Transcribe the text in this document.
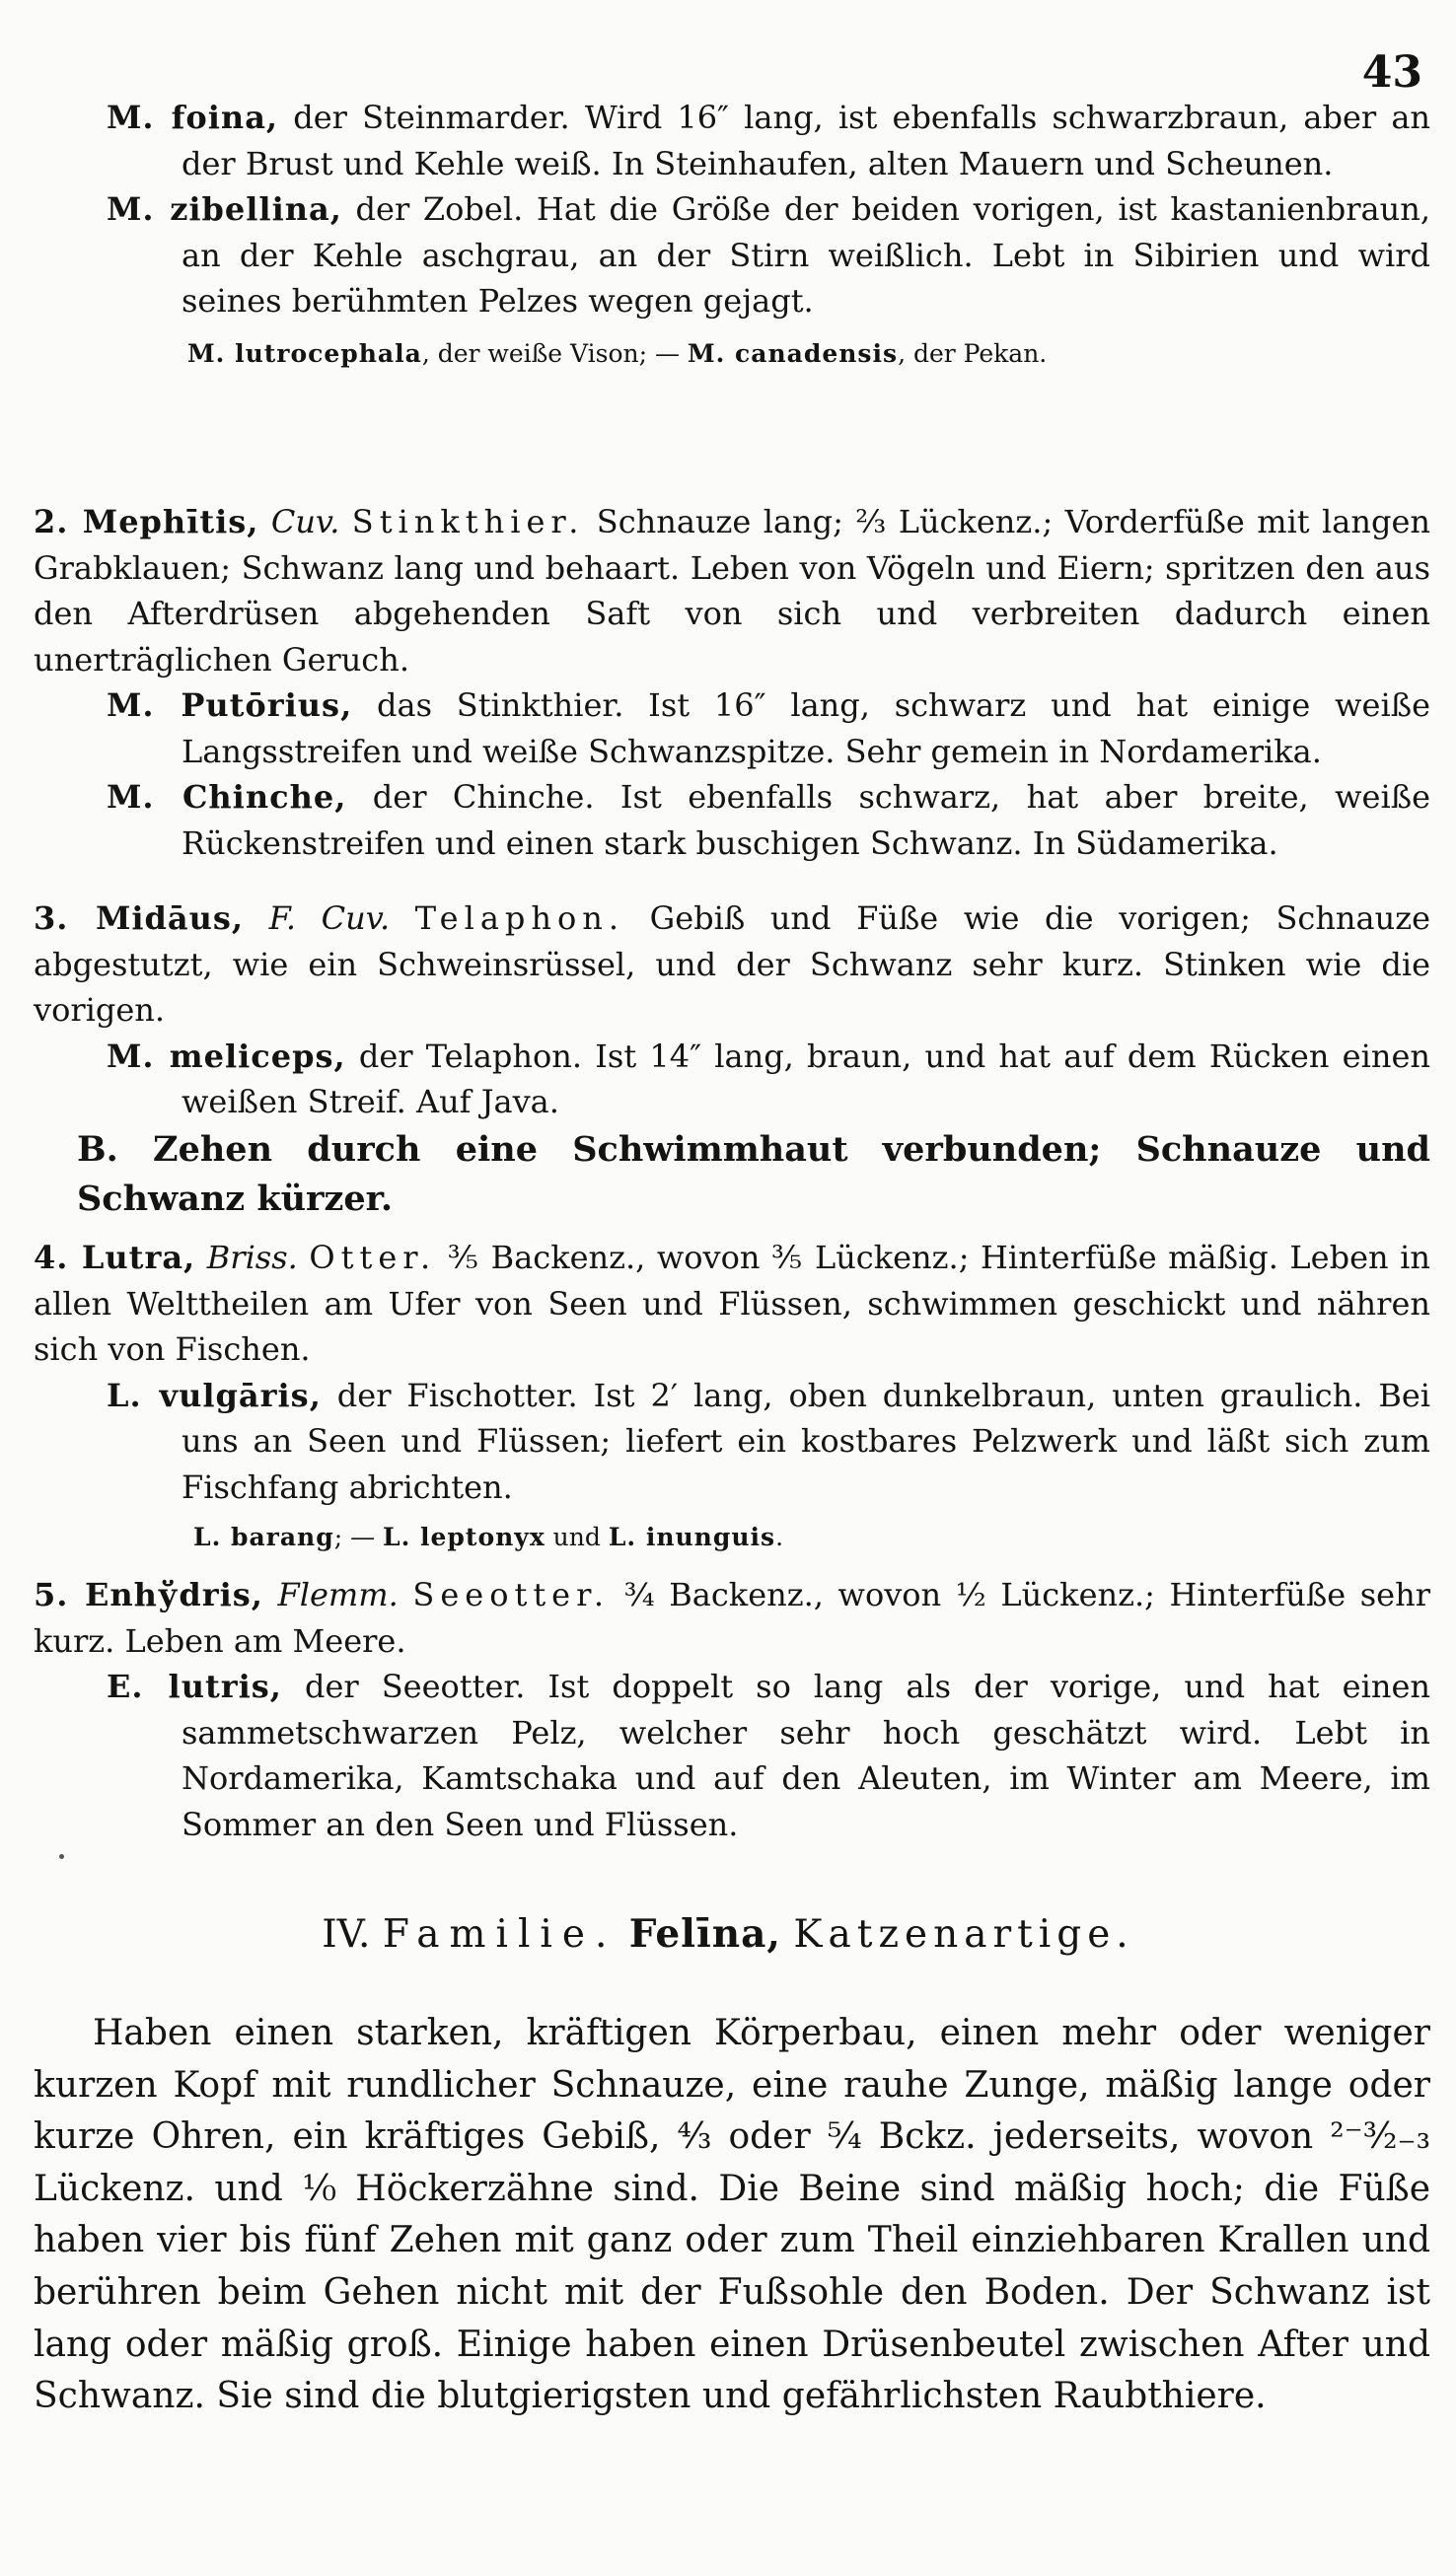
43
M. foina, der Steinmarder. Wird 16″ lang, ist ebenfalls schwarzbraun, aber an der Brust und Kehle weiß. In Steinhaufen, alten Mauern und Scheunen.
M. zibellina, der Zobel. Hat die Größe der beiden vorigen, ist kastanienbraun, an der Kehle aschgrau, an der Stirn weißlich. Lebt in Sibirien und wird seines berühmten Pelzes wegen gejagt.
M. lutrocephala, der weiße Vison; — M. canadensis, der Pekan.
2. Mephītis, Cuv. Stinkthier. Schnauze lang; ⅔ Lückenz.; Vorderfüße mit langen Grabklauen; Schwanz lang und behaart. Leben von Vögeln und Eiern; spritzen den aus den Afterdrüsen abgehenden Saft von sich und verbreiten dadurch einen unerträglichen Geruch.
M. Putōrius, das Stinkthier. Ist 16″ lang, schwarz und hat einige weiße Langsstreifen und weiße Schwanzspitze. Sehr gemein in Nordamerika.
M. Chinche, der Chinche. Ist ebenfalls schwarz, hat aber breite, weiße Rückenstreifen und einen stark buschigen Schwanz. In Südamerika.
3. Midāus, F. Cuv. Telaphon. Gebiß und Füße wie die vorigen; Schnauze abgestutzt, wie ein Schweinsrüssel, und der Schwanz sehr kurz. Stinken wie die vorigen.
M. meliceps, der Telaphon. Ist 14″ lang, braun, und hat auf dem Rücken einen weißen Streif. Auf Java.
B. Zehen durch eine Schwimmhaut verbunden; Schnauze und Schwanz kürzer.
4. Lutra, Briss. Otter. ⅗ Backenz., wovon ⅗ Lückenz.; Hinterfüße mäßig. Leben in allen Welttheilen am Ufer von Seen und Flüssen, schwimmen geschickt und nähren sich von Fischen.
L. vulgāris, der Fischotter. Ist 2′ lang, oben dunkelbraun, unten graulich. Bei uns an Seen und Flüssen; liefert ein kostbares Pelzwerk und läßt sich zum Fischfang abrichten.
L. barang; — L. leptonyx und L. inunguis.
5. Enhўdris, Flemm. Seeotter. ¾ Backenz., wovon ½ Lückenz.; Hinterfüße sehr kurz. Leben am Meere.
E. lutris, der Seeotter. Ist doppelt so lang als der vorige, und hat einen sammetschwarzen Pelz, welcher sehr hoch geschätzt wird. Lebt in Nordamerika, Kamtschaka und auf den Aleuten, im Winter am Meere, im Sommer an den Seen und Flüssen.
IV. Familie. Felīna, Katzenartige.
Haben einen starken, kräftigen Körperbau, einen mehr oder weniger kurzen Kopf mit rundlicher Schnauze, eine rauhe Zunge, mäßig lange oder kurze Ohren, ein kräftiges Gebiß, ⁴⁄₃ oder ⁵⁄₄ Bckz. jederseits, wovon ²⁻³⁄₂₋₃ Lückenz. und ¹⁄₀ Höckerzähne sind. Die Beine sind mäßig hoch; die Füße haben vier bis fünf Zehen mit ganz oder zum Theil einziehbaren Krallen und berühren beim Gehen nicht mit der Fußsohle den Boden. Der Schwanz ist lang oder mäßig groß. Einige haben einen Drüsenbeutel zwischen After und Schwanz. Sie sind die blutgierigsten und gefährlichsten Raubthiere.
